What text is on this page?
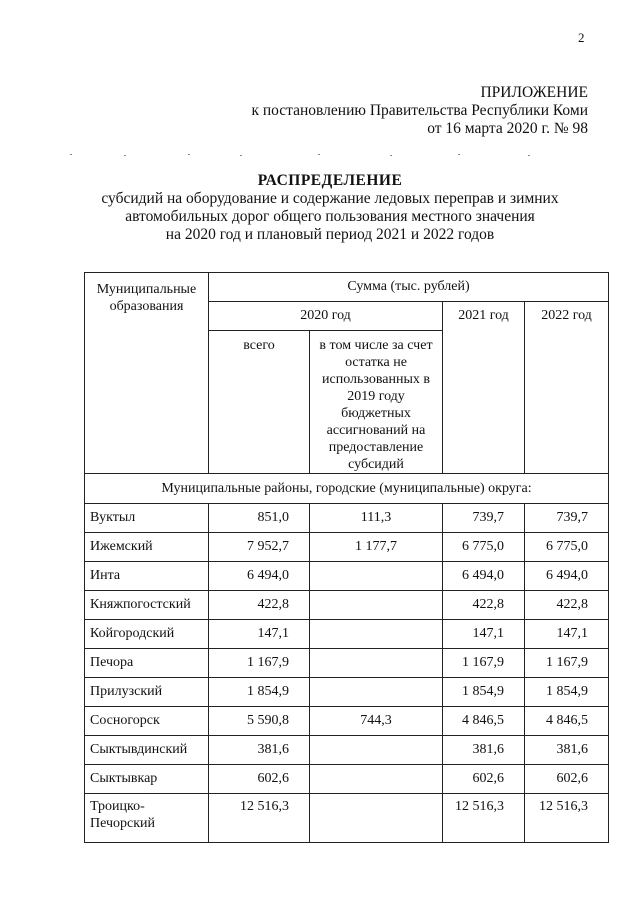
2
ПРИЛОЖЕНИЕ
к постановлению Правительства Республики Коми
от 16 марта 2020 г. № 98
РАСПРЕДЕЛЕНИЕ
субсидий на оборудование и содержание ледовых переправ и зимних
автомобильных дорог общего пользования местного значения
на 2020 год и плановый период 2021 и 2022 годов
Муниципальные образования	Сумма (тыс. рублей)			
	2020 год		2021 год	2022 год
	всего	в том числе за счет остатка не использованных в 2019 году бюджетных ассигнований на предоставление субсидий		
Муниципальные районы, городские (муниципальные) округа:				
Вуктыл	851,0	111,3	739,7	739,7
Ижемский	7 952,7	1 177,7	6 775,0	6 775,0
Инта	6 494,0		6 494,0	6 494,0
Княжпогостский	422,8		422,8	422,8
Койгородский	147,1		147,1	147,1
Печора	1 167,9		1 167,9	1 167,9
Прилузский	1 854,9		1 854,9	1 854,9
Сосногорск	5 590,8	744,3	4 846,5	4 846,5
Сыктывдинский	381,6		381,6	381,6
Сыктывкар	602,6		602,6	602,6
Троицко-Печорский	12 516,3		12 516,3	12 516,3
